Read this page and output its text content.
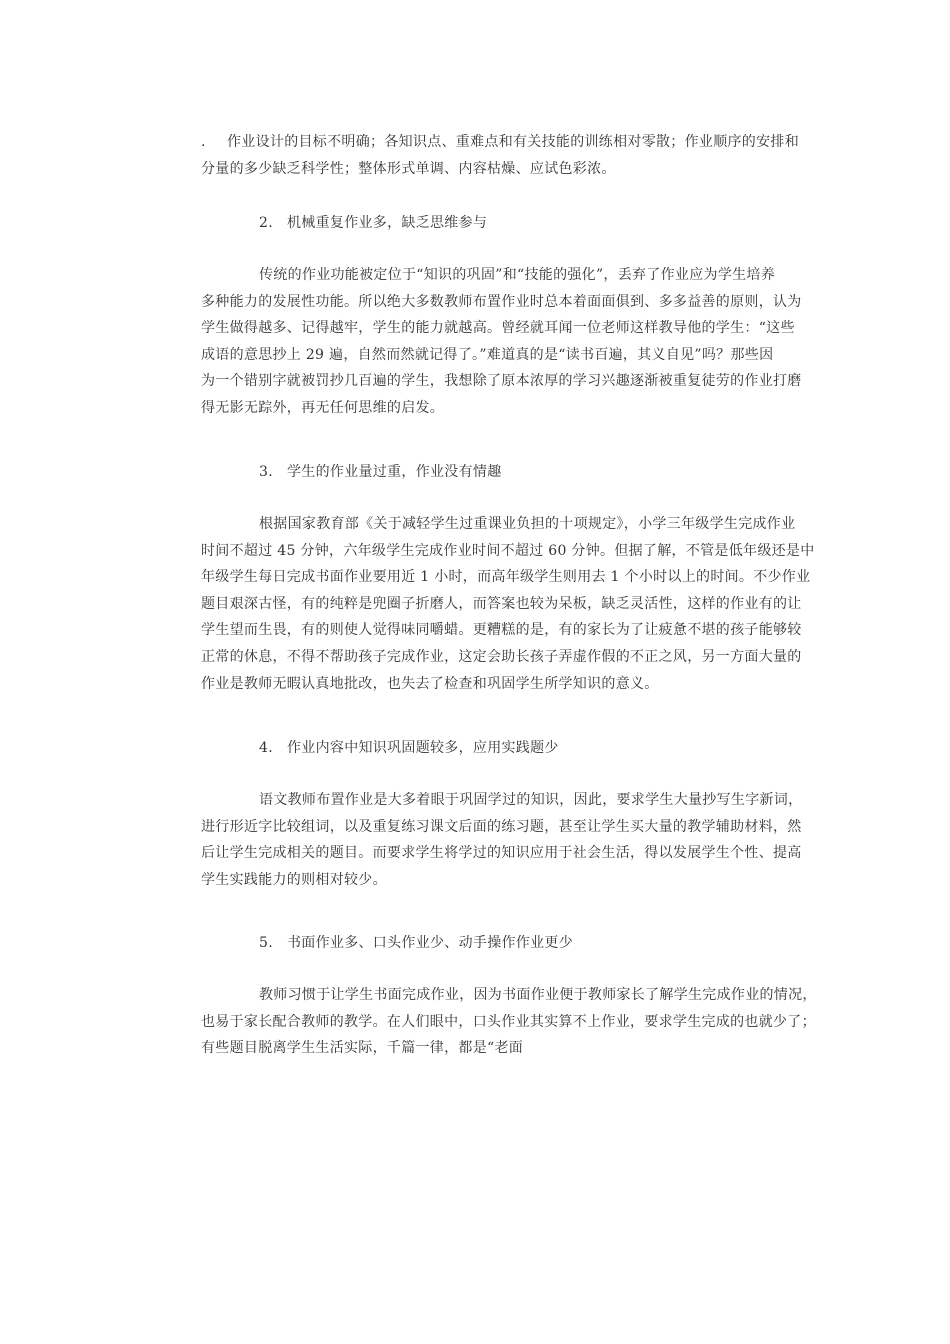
. 作业设计的目标不明确；各知识点、重难点和有关技能的训练相对零散；作业顺序的安排和
分量的多少缺乏科学性；整体形式单调、内容枯燥、应试色彩浓。
2. 机械重复作业多，缺乏思维参与
传统的作业功能被定位于“知识的巩固”和“技能的强化”，丢弃了作业应为学生培养
多种能力的发展性功能。所以绝大多数教师布置作业时总本着面面俱到、多多益善的原则，认为
学生做得越多、记得越牢，学生的能力就越高。曾经就耳闻一位老师这样教导他的学生：“这些
成语的意思抄上 29 遍，自然而然就记得了。”难道真的是“读书百遍，其义自见”吗？那些因
为一个错别字就被罚抄几百遍的学生，我想除了原本浓厚的学习兴趣逐渐被重复徒劳的作业打磨
得无影无踪外，再无任何思维的启发。
3. 学生的作业量过重，作业没有情趣
根据国家教育部《关于减轻学生过重课业负担的十项规定》，小学三年级学生完成作业
时间不超过 45 分钟，六年级学生完成作业时间不超过 60 分钟。但据了解，不管是低年级还是中
年级学生每日完成书面作业要用近 1 小时，而高年级学生则用去 1 个小时以上的时间。不少作业
题目艰深古怪，有的纯粹是兜圈子折磨人，而答案也较为呆板，缺乏灵活性，这样的作业有的让
学生望而生畏，有的则使人觉得味同嚼蜡。更糟糕的是，有的家长为了让疲惫不堪的孩子能够较
正常的休息，不得不帮助孩子完成作业，这定会助长孩子弄虚作假的不正之风，另一方面大量的
作业是教师无暇认真地批改，也失去了检查和巩固学生所学知识的意义。
4. 作业内容中知识巩固题较多，应用实践题少
语文教师布置作业是大多着眼于巩固学过的知识，因此，要求学生大量抄写生字新词，
进行形近字比较组词，以及重复练习课文后面的练习题，甚至让学生买大量的教学辅助材料，然
后让学生完成相关的题目。而要求学生将学过的知识应用于社会生活，得以发展学生个性、提高
学生实践能力的则相对较少。
5. 书面作业多、口头作业少、动手操作作业更少
教师习惯于让学生书面完成作业，因为书面作业便于教师家长了解学生完成作业的情况，
也易于家长配合教师的教学。在人们眼中，口头作业其实算不上作业，要求学生完成的也就少了；
有些题目脱离学生生活实际，千篇一律，都是“老面
